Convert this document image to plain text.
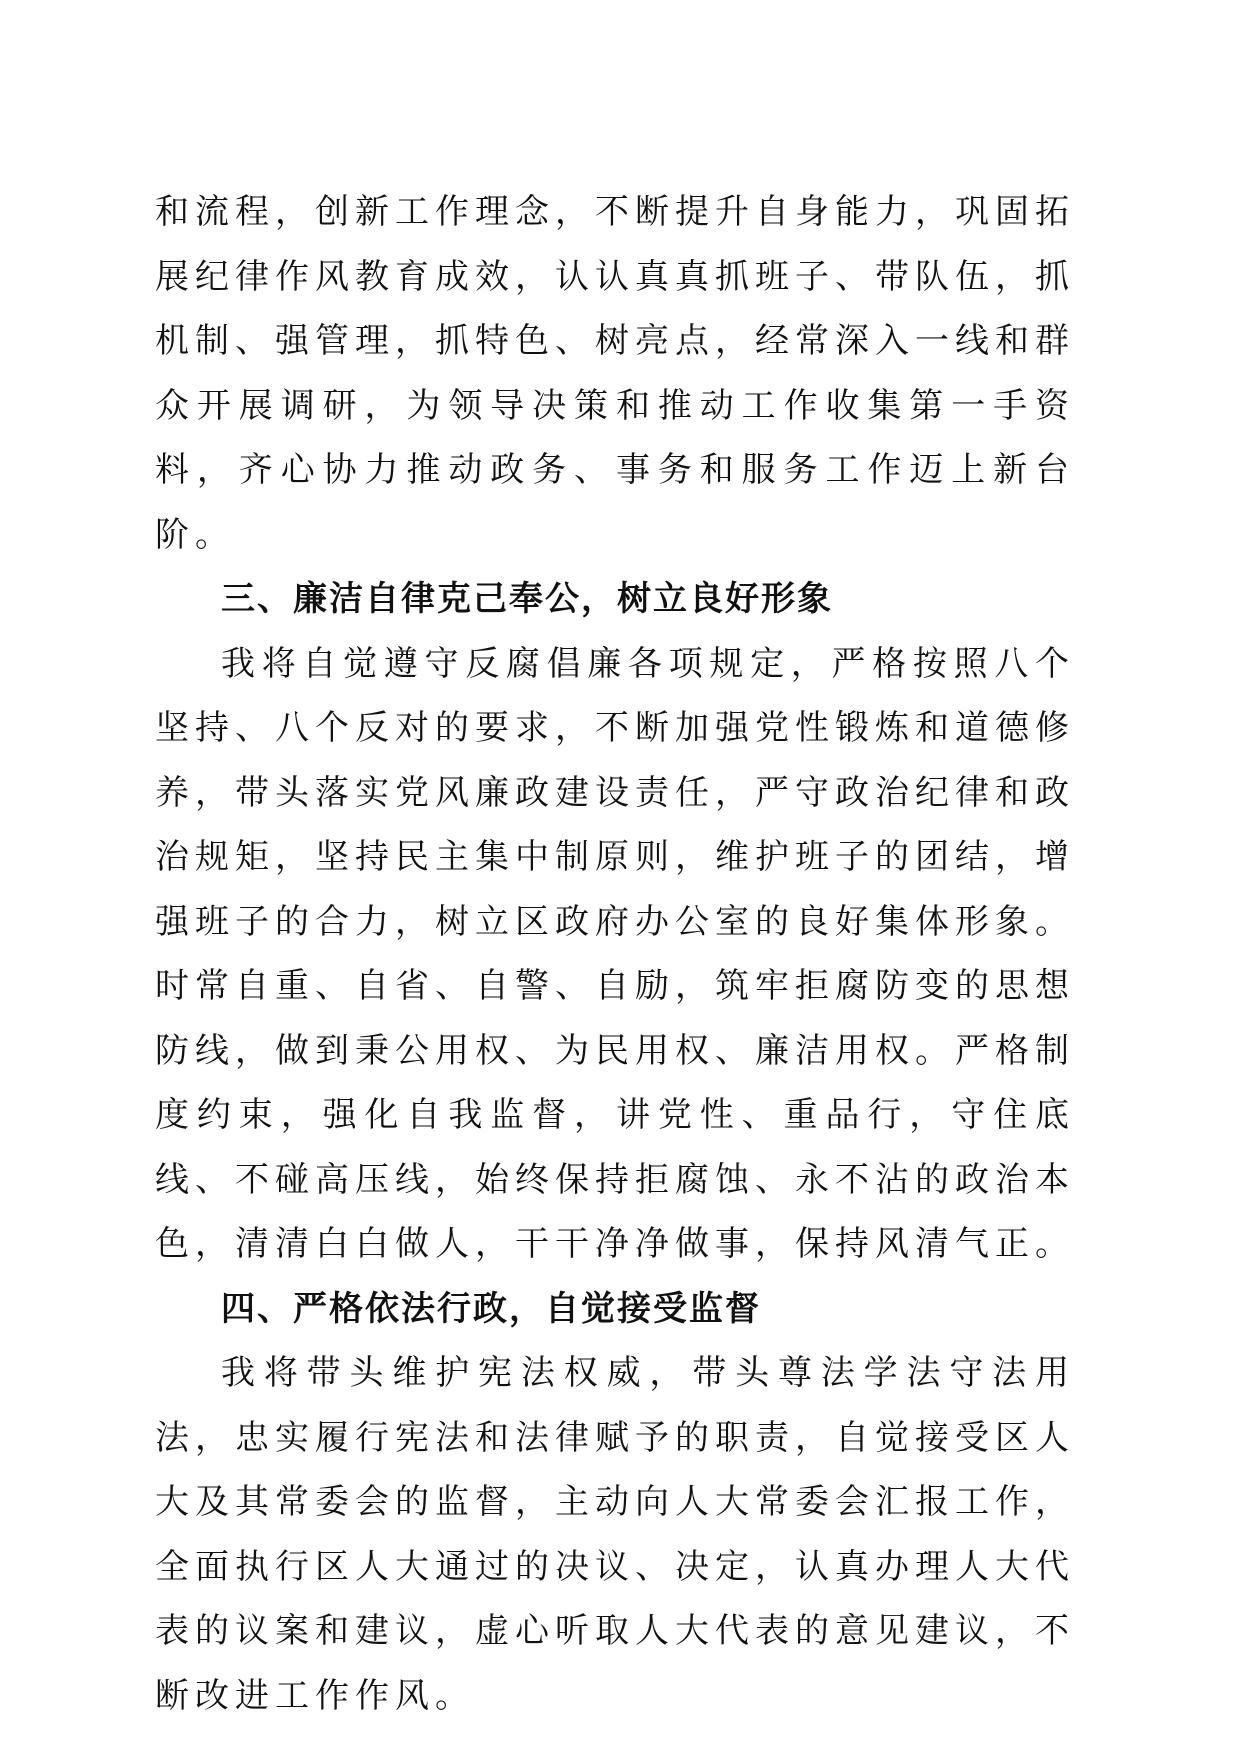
和流程，创新工作理念，不断提升自身能力，巩固拓展纪律作风教育成效，认认真真抓班子、带队伍，抓机制、强管理，抓特色、树亮点，经常深入一线和群众开展调研，为领导决策和推动工作收集第一手资料，齐心协力推动政务、事务和服务工作迈上新台阶。

三、廉洁自律克己奉公，树立良好形象

我将自觉遵守反腐倡廉各项规定，严格按照八个坚持、八个反对的要求，不断加强党性锻炼和道德修养，带头落实党风廉政建设责任，严守政治纪律和政治规矩，坚持民主集中制原则，维护班子的团结，增强班子的合力，树立区政府办公室的良好集体形象。时常自重、自省、自警、自励，筑牢拒腐防变的思想防线，做到秉公用权、为民用权、廉洁用权。严格制度约束，强化自我监督，讲党性、重品行，守住底线、不碰高压线，始终保持拒腐蚀、永不沾的政治本色，清清白白做人，干干净净做事，保持风清气正。

四、严格依法行政，自觉接受监督

我将带头维护宪法权威，带头尊法学法守法用法，忠实履行宪法和法律赋予的职责，自觉接受区人大及其常委会的监督，主动向人大常委会汇报工作，全面执行区人大通过的决议、决定，认真办理人大代表的议案和建议，虚心听取人大代表的意见建议，不断改进工作作风。
